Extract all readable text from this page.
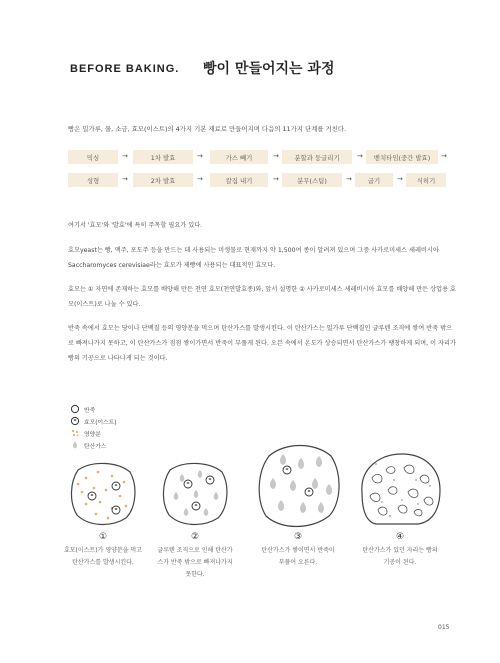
BEFORE BAKING. 빵이 만들어지는 과정
빵은 밀가루, 물, 소금, 효모(이스트)의 4가지 기본 재료로 만들어지며 다음의 11가지 단계를 거친다.
믹싱	→	1차 발효	→	가스 빼기	→	분할과 둥글리기	→	벤치타임(중간 발효)	→
성형	→	2차 발효	→	칼집 내기	→	분무(스팀)	→	굽기	→	식히기
여기서 '효모'와 '발효'에 특히 주목할 필요가 있다.
효모yeast는 빵, 맥주, 포도주 등을 만드는 데 사용되는 미생물로 현재까지 약 1,500여 종이 알려져 있으며 그중 사카로미세스 세레비시아Saccharomyces cerevisiae라는 효모가 제빵에 사용되는 대표적인 효모다.
효모는 ① 자연에 존재하는 효모를 배양해 만든 천연 효모(천연발효종)와, 앞서 설명한 ② 사카로미세스 세레비시아 효모를 배양해 만든 상업용 효모(이스트)로 나눌 수 있다.
반죽 속에서 효모는 당이나 단백질 등의 영양분을 먹으며 탄산가스를 발생시킨다. 이 탄산가스는 밀가루 단백질인 글루텐 조직에 쌓여 반죽 밖으로 빠져나가지 못하고, 이 탄산가스가 점점 쌓이가면서 반죽이 부풀게 된다. 오븐 속에서 온도가 상승되면서 탄산가스가 팽창하게 되며, 이 자리가 빵의 기공으로 나타나게 되는 것이다.
반죽
효모(이스트)
영양분
탄산가스
①	②	③	④
효모(이스트)가 영양분을 먹고 탄산가스를 발생시킨다.
글루텐 조직으로 인해 탄산가스가 반죽 밖으로 빠져나가지 못한다.
탄산가스가 쌓이면서 반죽이 부풀어 오른다.
탄산가스가 있던 자리는 빵의 기공이 된다.
015
